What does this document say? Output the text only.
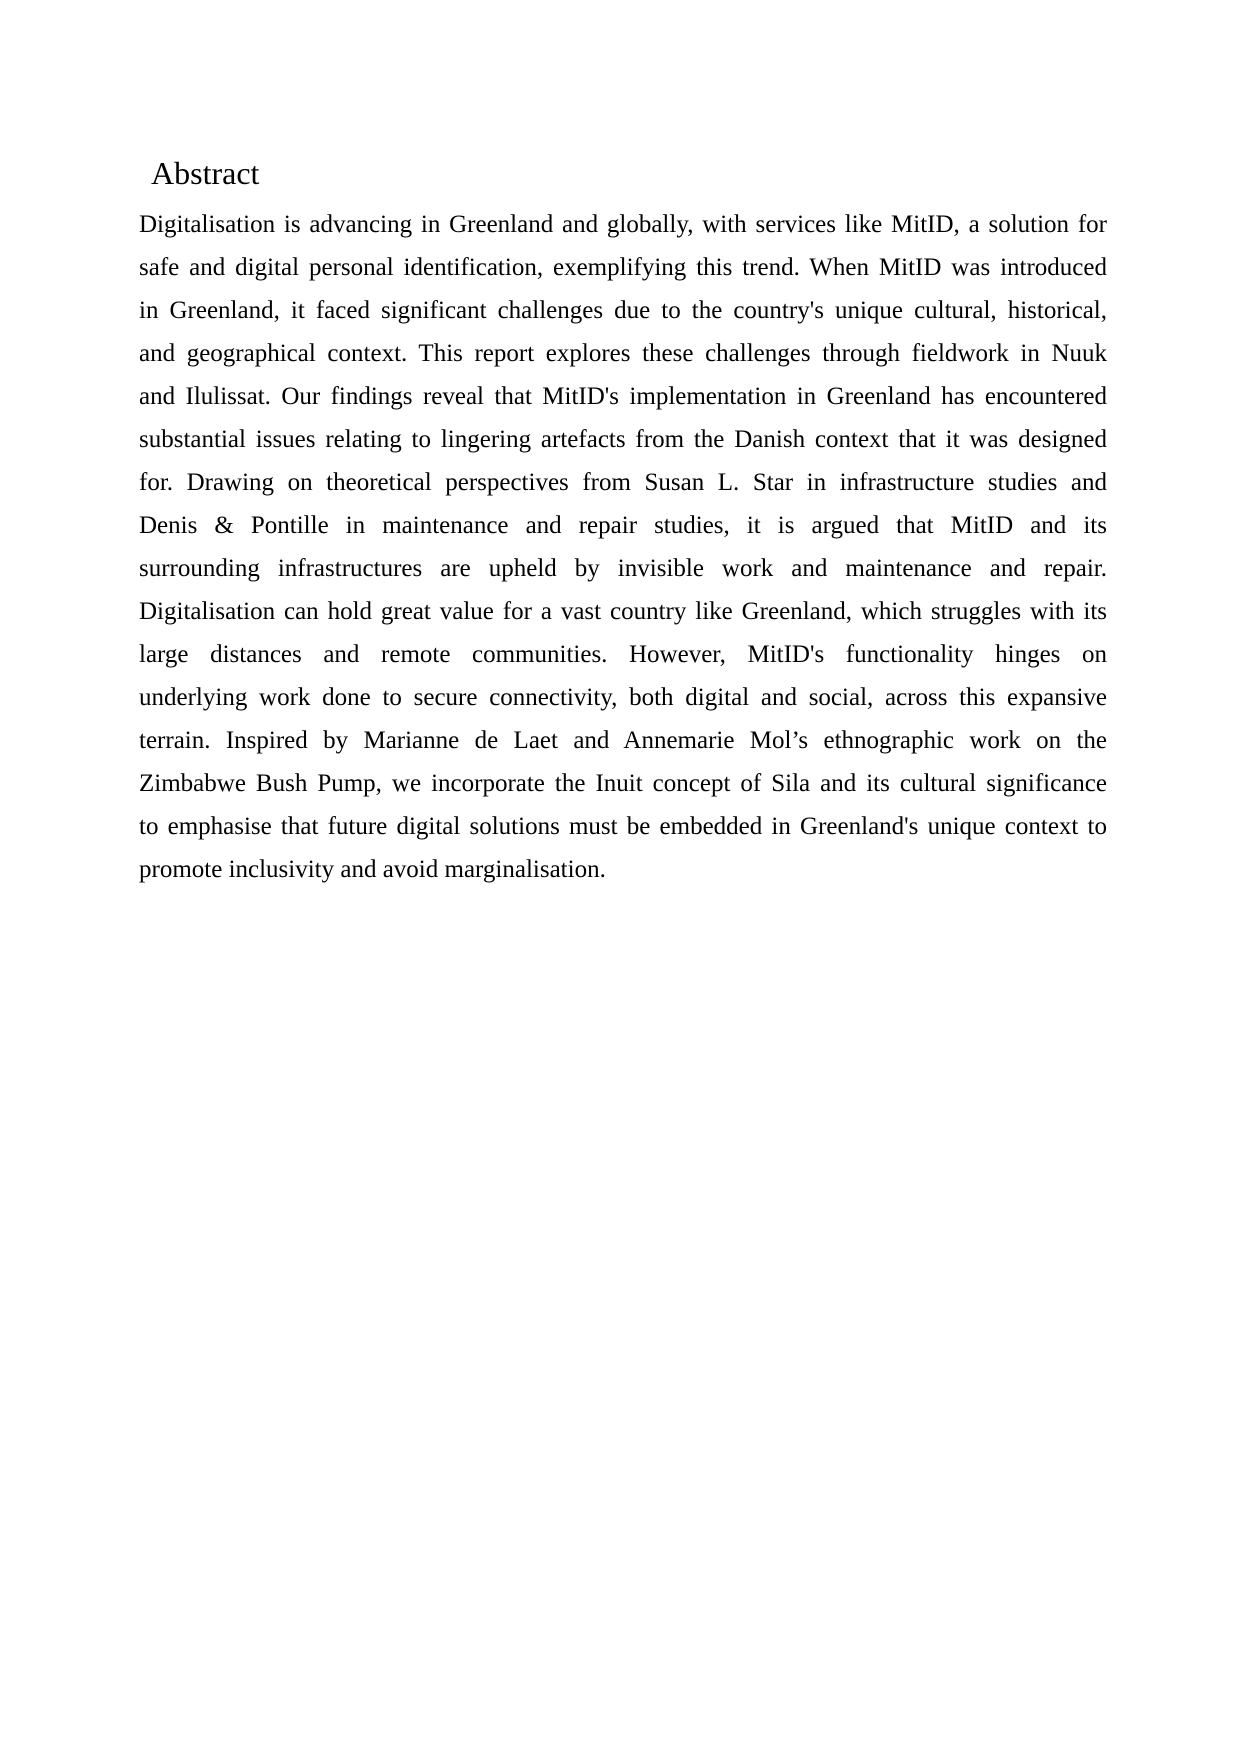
Abstract
Digitalisation is advancing in Greenland and globally, with services like MitID, a solution for
safe and digital personal identification, exemplifying this trend. When MitID was introduced
in Greenland, it faced significant challenges due to the country's unique cultural, historical,
and geographical context. This report explores these challenges through fieldwork in Nuuk
and Ilulissat. Our findings reveal that MitID's implementation in Greenland has encountered
substantial issues relating to lingering artefacts from the Danish context that it was designed
for. Drawing on theoretical perspectives from Susan L. Star in infrastructure studies and
Denis & Pontille in maintenance and repair studies, it is argued that MitID and its
surrounding infrastructures are upheld by invisible work and maintenance and repair.
Digitalisation can hold great value for a vast country like Greenland, which struggles with its
large distances and remote communities. However, MitID's functionality hinges on
underlying work done to secure connectivity, both digital and social, across this expansive
terrain. Inspired by Marianne de Laet and Annemarie Mol’s ethnographic work on the
Zimbabwe Bush Pump, we incorporate the Inuit concept of Sila and its cultural significance
to emphasise that future digital solutions must be embedded in Greenland's unique context to
promote inclusivity and avoid marginalisation.
